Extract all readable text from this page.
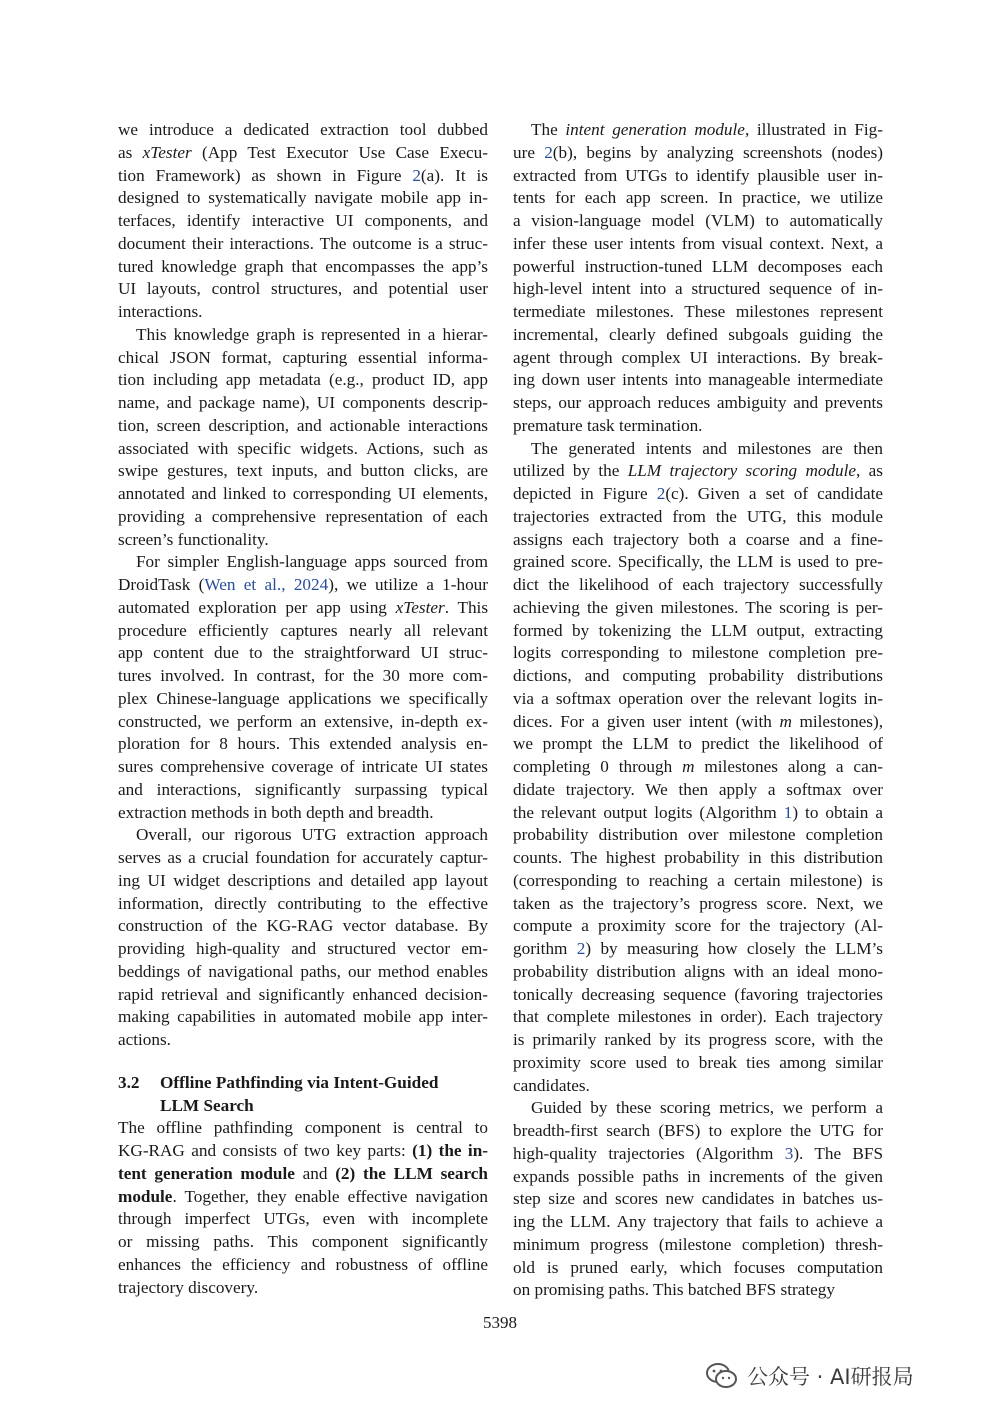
we introduce a dedicated extraction tool dubbed
as xTester (App Test Executor Use Case Execu-
tion Framework) as shown in Figure 2(a). It is
designed to systematically navigate mobile app in-
terfaces, identify interactive UI components, and
document their interactions. The outcome is a struc-
tured knowledge graph that encompasses the app’s
UI layouts, control structures, and potential user
interactions.
This knowledge graph is represented in a hierar-
chical JSON format, capturing essential informa-
tion including app metadata (e.g., product ID, app
name, and package name), UI components descrip-
tion, screen description, and actionable interactions
associated with specific widgets. Actions, such as
swipe gestures, text inputs, and button clicks, are
annotated and linked to corresponding UI elements,
providing a comprehensive representation of each
screen’s functionality.
For simpler English-language apps sourced from
DroidTask (Wen et al., 2024), we utilize a 1-hour
automated exploration per app using xTester. This
procedure efficiently captures nearly all relevant
app content due to the straightforward UI struc-
tures involved. In contrast, for the 30 more com-
plex Chinese-language applications we specifically
constructed, we perform an extensive, in-depth ex-
ploration for 8 hours. This extended analysis en-
sures comprehensive coverage of intricate UI states
and interactions, significantly surpassing typical
extraction methods in both depth and breadth.
Overall, our rigorous UTG extraction approach
serves as a crucial foundation for accurately captur-
ing UI widget descriptions and detailed app layout
information, directly contributing to the effective
construction of the KG-RAG vector database. By
providing high-quality and structured vector em-
beddings of navigational paths, our method enables
rapid retrieval and significantly enhanced decision-
making capabilities in automated mobile app inter-
actions.
3.2 Offline Pathfinding via Intent-Guided
LLM Search
The offline pathfinding component is central to
KG-RAG and consists of two key parts: (1) the in-
tent generation module and (2) the LLM search
module. Together, they enable effective navigation
through imperfect UTGs, even with incomplete
or missing paths. This component significantly
enhances the efficiency and robustness of offline
trajectory discovery.
The intent generation module, illustrated in Fig-
ure 2(b), begins by analyzing screenshots (nodes)
extracted from UTGs to identify plausible user in-
tents for each app screen. In practice, we utilize
a vision-language model (VLM) to automatically
infer these user intents from visual context. Next, a
powerful instruction-tuned LLM decomposes each
high-level intent into a structured sequence of in-
termediate milestones. These milestones represent
incremental, clearly defined subgoals guiding the
agent through complex UI interactions. By break-
ing down user intents into manageable intermediate
steps, our approach reduces ambiguity and prevents
premature task termination.
The generated intents and milestones are then
utilized by the LLM trajectory scoring module, as
depicted in Figure 2(c). Given a set of candidate
trajectories extracted from the UTG, this module
assigns each trajectory both a coarse and a fine-
grained score. Specifically, the LLM is used to pre-
dict the likelihood of each trajectory successfully
achieving the given milestones. The scoring is per-
formed by tokenizing the LLM output, extracting
logits corresponding to milestone completion pre-
dictions, and computing probability distributions
via a softmax operation over the relevant logits in-
dices. For a given user intent (with m milestones),
we prompt the LLM to predict the likelihood of
completing 0 through m milestones along a can-
didate trajectory. We then apply a softmax over
the relevant output logits (Algorithm 1) to obtain a
probability distribution over milestone completion
counts. The highest probability in this distribution
(corresponding to reaching a certain milestone) is
taken as the trajectory’s progress score. Next, we
compute a proximity score for the trajectory (Al-
gorithm 2) by measuring how closely the LLM’s
probability distribution aligns with an ideal mono-
tonically decreasing sequence (favoring trajectories
that complete milestones in order). Each trajectory
is primarily ranked by its progress score, with the
proximity score used to break ties among similar
candidates.
Guided by these scoring metrics, we perform a
breadth-first search (BFS) to explore the UTG for
high-quality trajectories (Algorithm 3). The BFS
expands possible paths in increments of the given
step size and scores new candidates in batches us-
ing the LLM. Any trajectory that fails to achieve a
minimum progress (milestone completion) thresh-
old is pruned early, which focuses computation
on promising paths. This batched BFS strategy
5398
公众号 · AI研报局
